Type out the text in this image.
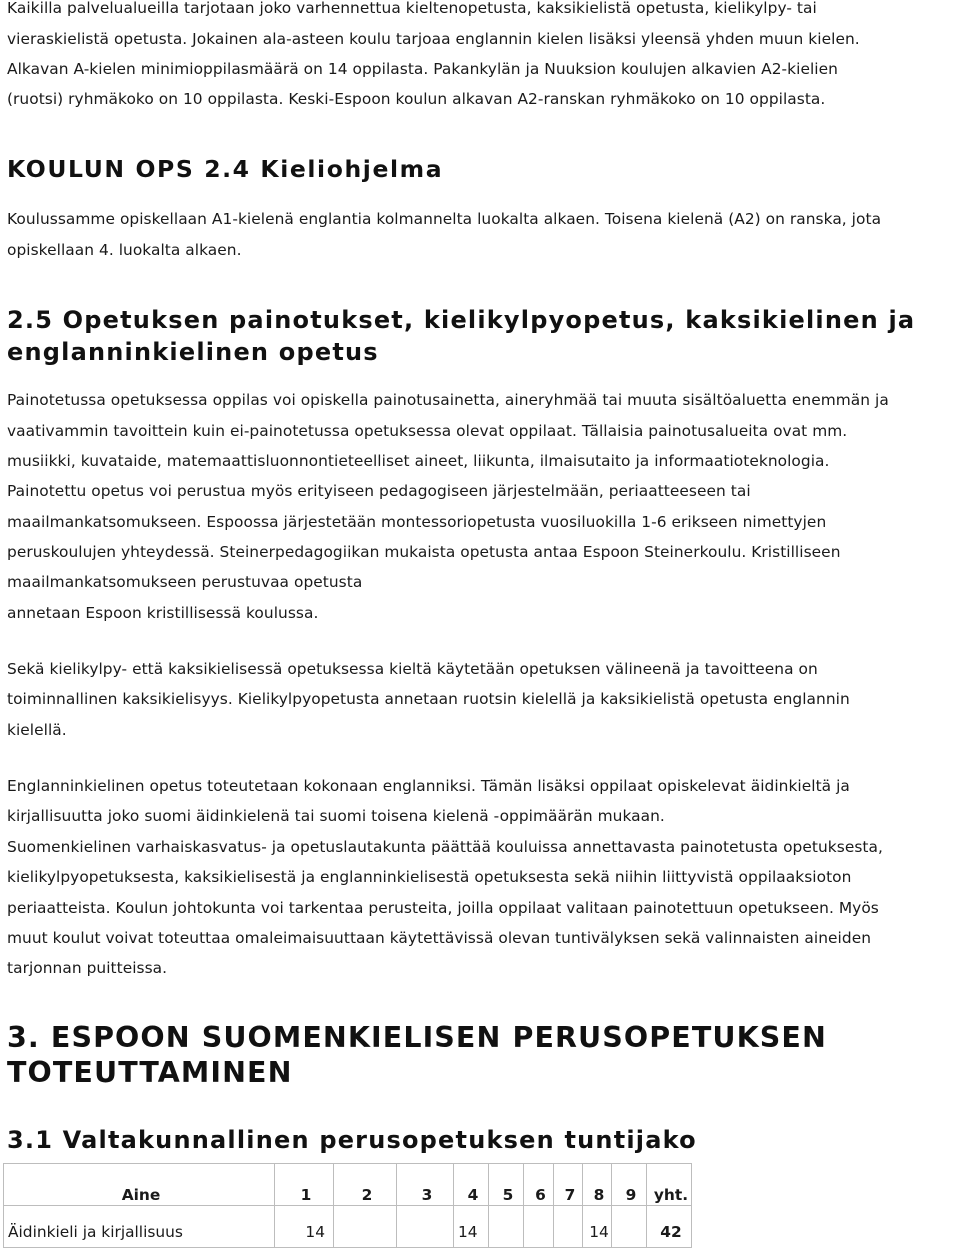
Kaikilla palvelualueilla tarjotaan joko varhennettua kieltenopetusta, kaksikielistä opetusta, kielikylpy- tai
vieraskielistä opetusta. Jokainen ala-asteen koulu tarjoaa englannin kielen lisäksi yleensä yhden muun kielen.
Alkavan A-kielen minimioppilasmäärä on 14 oppilasta. Pakankylän ja Nuuksion koulujen alkavien A2-kielien
(ruotsi) ryhmäkoko on 10 oppilasta. Keski-Espoon koulun alkavan A2-ranskan ryhmäkoko on 10 oppilasta.
KOULUN OPS 2.4 Kieliohjelma
Koulussamme opiskellaan A1-kielenä englantia kolmannelta luokalta alkaen. Toisena kielenä (A2) on ranska, jota
opiskellaan 4. luokalta alkaen.
2.5 Opetuksen painotukset, kielikylpyopetus, kaksikielinen ja
englanninkielinen opetus
Painotetussa opetuksessa oppilas voi opiskella painotusainetta, aineryhmää tai muuta sisältöaluetta enemmän ja
vaativammin tavoittein kuin ei-painotetussa opetuksessa olevat oppilaat. Tällaisia painotusalueita ovat mm.
musiikki, kuvataide, matemaattisluonnontieteelliset aineet, liikunta, ilmaisutaito ja informaatioteknologia.
Painotettu opetus voi perustua myös erityiseen pedagogiseen järjestelmään, periaatteeseen tai
maailmankatsomukseen. Espoossa järjestetään montessoriopetusta vuosiluokilla 1-6 erikseen nimettyjen
peruskoulujen yhteydessä. Steinerpedagogiikan mukaista opetusta antaa Espoon Steinerkoulu. Kristilliseen
maailmankatsomukseen perustuvaa opetusta
annetaan Espoon kristillisessä koulussa.
Sekä kielikylpy- että kaksikielisessä opetuksessa kieltä käytetään opetuksen välineenä ja tavoitteena on
toiminnallinen kaksikielisyys. Kielikylpyopetusta annetaan ruotsin kielellä ja kaksikielistä opetusta englannin
kielellä.
Englanninkielinen opetus toteutetaan kokonaan englanniksi. Tämän lisäksi oppilaat opiskelevat äidinkieltä ja
kirjallisuutta joko suomi äidinkielenä tai suomi toisena kielenä -oppimäärän mukaan.
Suomenkielinen varhaiskasvatus- ja opetuslautakunta päättää kouluissa annettavasta painotetusta opetuksesta,
kielikylpyopetuksesta, kaksikielisestä ja englanninkielisestä opetuksesta sekä niihin liittyvistä oppilaaksioton
periaatteista. Koulun johtokunta voi tarkentaa perusteita, joilla oppilaat valitaan painotettuun opetukseen. Myös
muut koulut voivat toteuttaa omaleimaisuuttaan käytettävissä olevan tuntivälyksen sekä valinnaisten aineiden
tarjonnan puitteissa.
3. ESPOON SUOMENKIELISEN PERUSOPETUKSEN
TOTEUTTAMINEN
3.1 Valtakunnallinen perusopetuksen tuntijako
Aine	1	2	3	4	5	6	7	8	9	yht.
Äidinkieli ja kirjallisuus	14			14				14		42
